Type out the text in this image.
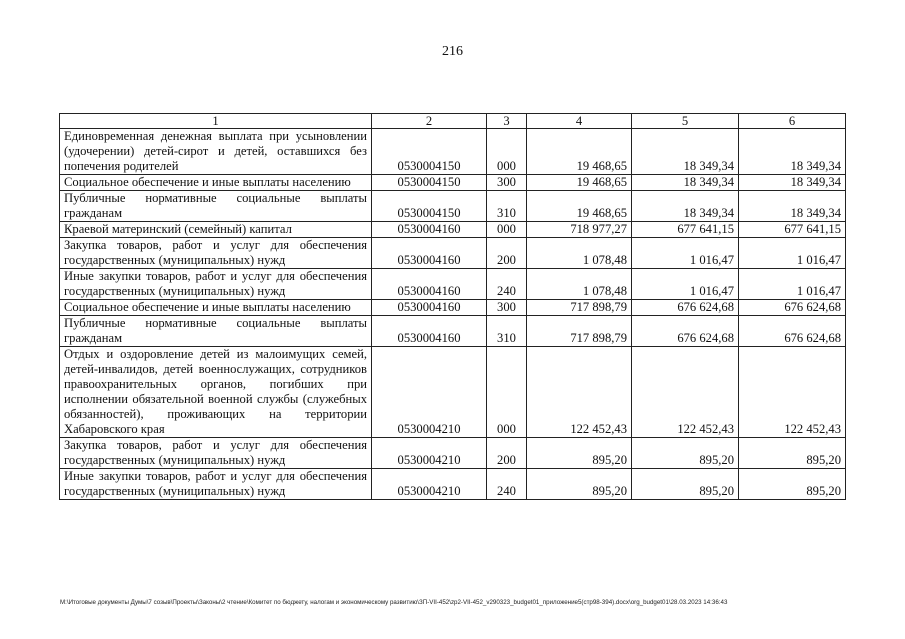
216
1	2	3	4	5	6
Единовременная денежная выплата при усыновлении (удочерении) детей-сирот и детей, оставшихся без попечения родителей	0530004150	000	19 468,65	18 349,34	18 349,34
Социальное обеспечение и иные выплаты населению	0530004150	300	19 468,65	18 349,34	18 349,34
Публичные нормативные социальные выплаты гражданам	0530004150	310	19 468,65	18 349,34	18 349,34
Краевой материнский (семейный) капитал	0530004160	000	718 977,27	677 641,15	677 641,15
Закупка товаров, работ и услуг для обеспечения государственных (муниципальных) нужд	0530004160	200	1 078,48	1 016,47	1 016,47
Иные закупки товаров, работ и услуг для обеспечения государственных (муниципальных) нужд	0530004160	240	1 078,48	1 016,47	1 016,47
Социальное обеспечение и иные выплаты населению	0530004160	300	717 898,79	676 624,68	676 624,68
Публичные нормативные социальные выплаты гражданам	0530004160	310	717 898,79	676 624,68	676 624,68
Отдых и оздоровление детей из малоимущих семей, детей-инвалидов, детей военнослужащих, сотрудников правоохранительных органов, погибших при исполнении обязательной военной службы (служебных обязанностей), проживающих на территории Хабаровского края	0530004210	000	122 452,43	122 452,43	122 452,43
Закупка товаров, работ и услуг для обеспечения государственных (муниципальных) нужд	0530004210	200	895,20	895,20	895,20
Иные закупки товаров, работ и услуг для обеспечения государственных (муниципальных) нужд	0530004210	240	895,20	895,20	895,20
M:\Итоговые документы Думы\7 созыв\Проекты\Законы\2 чтение\Комитет по бюджету, налогам и экономическому развитию\ЗП-VII-452\zp2-VII-452_v290323_budget01_приложение5(стр98-394).docx\org_budget01\28.03.2023 14:36:43
